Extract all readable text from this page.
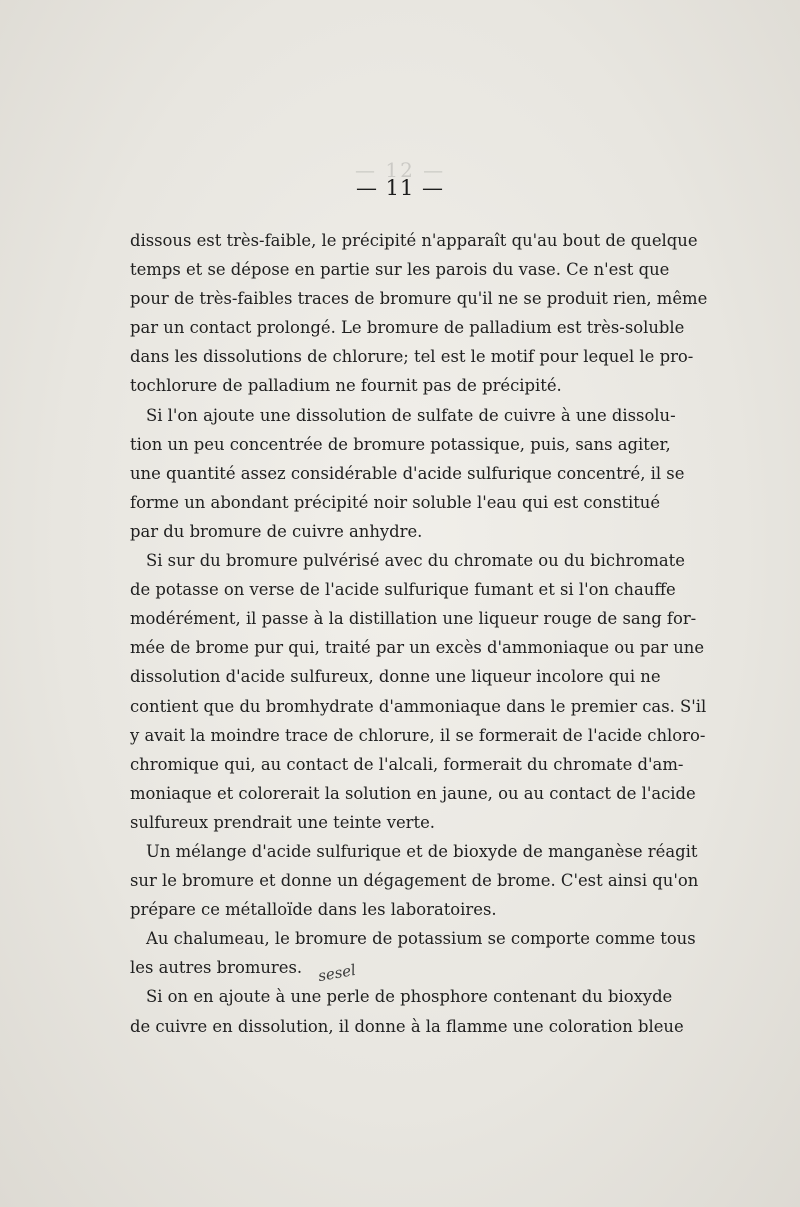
— 12 —
— 11 —
dissous est très-faible, le précipité n'apparaît qu'au bout de quelque
temps et se dépose en partie sur les parois du vase. Ce n'est que
pour de très-faibles traces de bromure qu'il ne se produit rien, même
par un contact prolongé. Le bromure de palladium est très-soluble
dans les dissolutions de chlorure; tel est le motif pour lequel le pro-
tochlorure de palladium ne fournit pas de précipité.
Si l'on ajoute une dissolution de sulfate de cuivre à une dissolu-
tion un peu concentrée de bromure potassique, puis, sans agiter,
une quantité assez considérable d'acide sulfurique concentré, il se
forme un abondant précipité noir soluble l'eau qui est constitué
par du bromure de cuivre anhydre.
Si sur du bromure pulvérisé avec du chromate ou du bichromate
de potasse on verse de l'acide sulfurique fumant et si l'on chauffe
modérément, il passe à la distillation une liqueur rouge de sang for-
mée de brome pur qui, traité par un excès d'ammoniaque ou par une
dissolution d'acide sulfureux, donne une liqueur incolore qui ne
contient que du bromhydrate d'ammoniaque dans le premier cas. S'il
y avait la moindre trace de chlorure, il se formerait de l'acide chloro-
chromique qui, au contact de l'alcali, formerait du chromate d'am-
moniaque et colorerait la solution en jaune, ou au contact de l'acide
sulfureux prendrait une teinte verte.
Un mélange d'acide sulfurique et de bioxyde de manganèse réagit
sur le bromure et donne un dégagement de brome. C'est ainsi qu'on
prépare ce métalloïde dans les laboratoires.
Au chalumeau, le bromure de potassium se comporte comme tous
les autres bromures.
Si on en ajoute à une perle de phosphore contenant du bioxyde
de cuivre en dissolution, il donne à la flamme une coloration bleue
sesel
